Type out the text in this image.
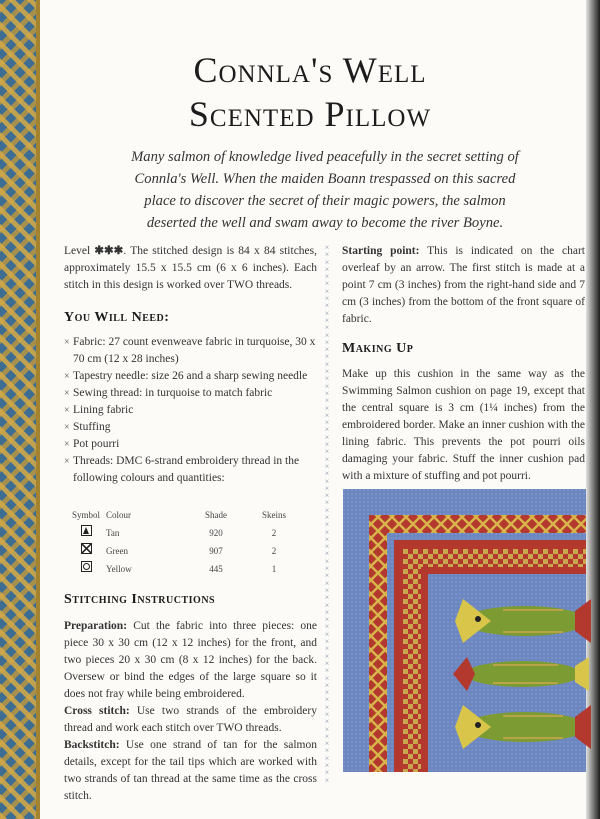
Connla's Well
Scented Pillow

Many salmon of knowledge lived peacefully in the secret setting of Connla's Well. When the maiden Boann trespassed on this sacred place to discover the secret of their magic powers, the salmon deserted the well and swam away to become the river Boyne.

Level ✱✱✱. The stitched design is 84 x 84 stitches, approximately 15.5 x 15.5 cm (6 x 6 inches). Each stitch in this design is worked over TWO threads.

You Will Need:
× Fabric: 27 count evenweave fabric in turquoise, 30 x 70 cm (12 x 28 inches)
× Tapestry needle: size 26 and a sharp sewing needle
× Sewing thread: in turquoise to match fabric
× Lining fabric
× Stuffing
× Pot pourri
× Threads: DMC 6-strand embroidery thread in the following colours and quantities:
Symbol	Colour	Shade	Skeins
	Tan	920	2
	Green	907	2
	Yellow	445	1
Stitching Instructions

Preparation: Cut the fabric into three pieces: one piece 30 x 30 cm (12 x 12 inches) for the front, and two pieces 20 x 30 cm (8 x 12 inches) for the back. Oversew or bind the edges of the large square so it does not fray while being embroidered.

Cross stitch: Use two strands of the embroidery thread and work each stitch over TWO threads.

Backstitch: Use one strand of tan for the salmon details, except for the tail tips which are worked with two strands of tan thread at the same time as the cross stitch.

××××××××××××××××××××××××××××××××××××××××××××××××××××××××××××××××××××××××××

Starting point: This is indicated on the chart overleaf by an arrow. The first stitch is made at a point 7 cm (3 inches) from the right-hand side and 7 cm (3 inches) from the bottom of the front square of fabric.

Making Up

Make up this cushion in the same way as the Swimming Salmon cushion on page 19, except that the central square is 3 cm (1¼ inches) from the embroidered border. Make an inner cushion with the lining fabric. This prevents the pot pourri oils damaging your fabric. Stuff the inner cushion pad with a mixture of stuffing and pot pourri.
